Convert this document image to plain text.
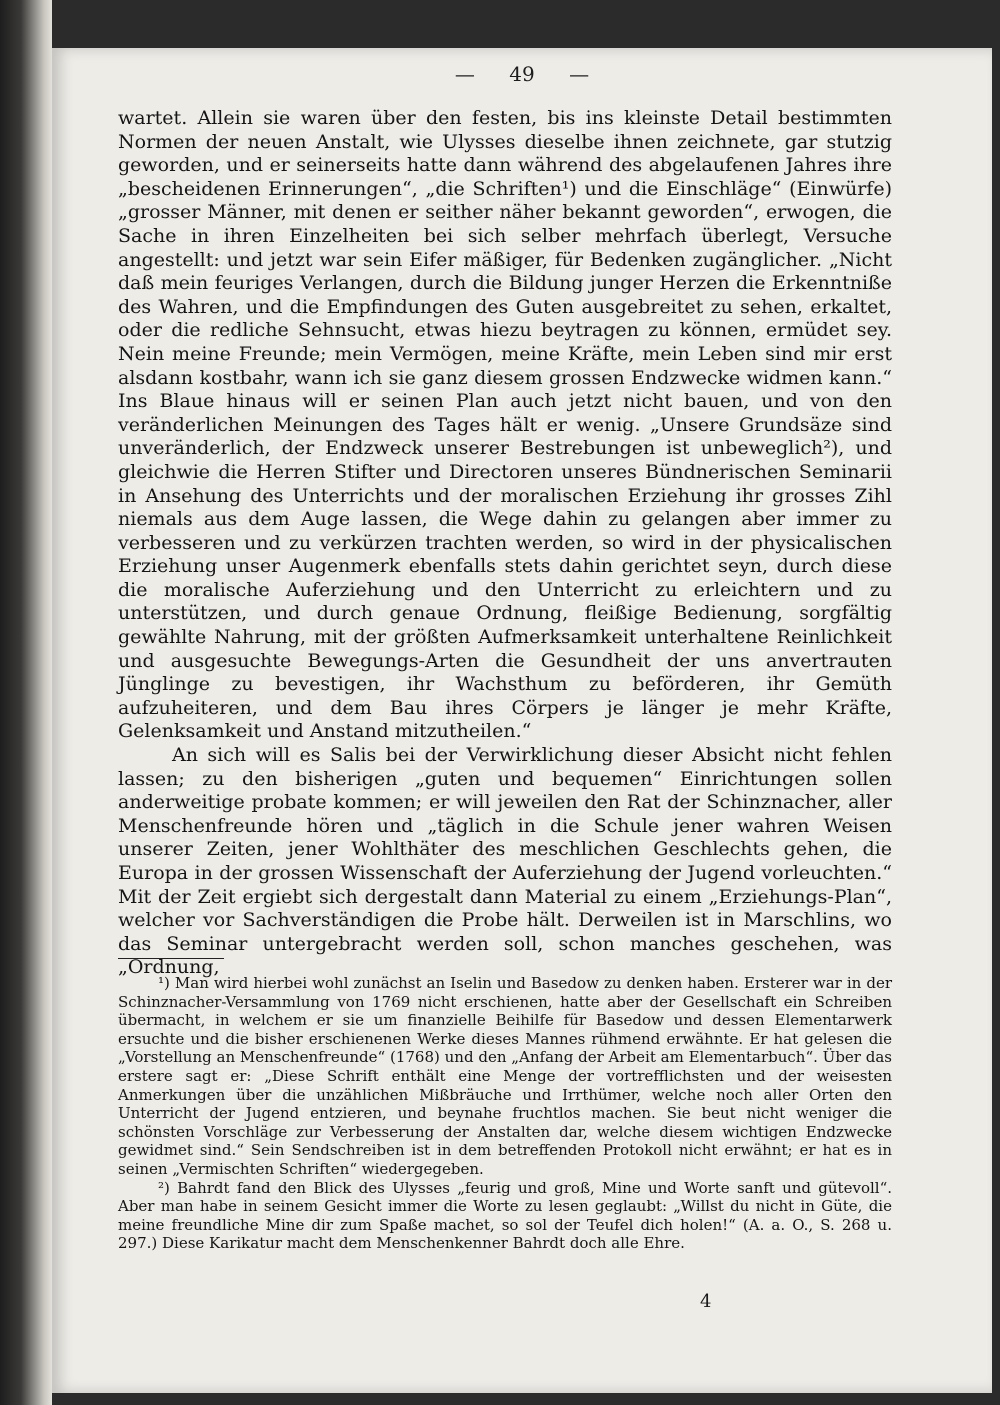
— 49 —

wartet. Allein sie waren über den festen, bis ins kleinste Detail bestimmten Normen der neuen Anstalt, wie Ulysses dieselbe ihnen zeichnete, gar stutzig geworden, und er seinerseits hatte dann während des abgelaufenen Jahres ihre „bescheidenen Erinnerungen“, „die Schriften¹) und die Einschläge“ (Einwürfe) „grosser Männer, mit denen er seither näher bekannt geworden“, erwogen, die Sache in ihren Einzelheiten bei sich selber mehrfach überlegt, Versuche angestellt: und jetzt war sein Eifer mäßiger, für Bedenken zugänglicher. „Nicht daß mein feuriges Verlangen, durch die Bildung junger Herzen die Erkenntniße des Wahren, und die Empfindungen des Guten ausgebreitet zu sehen, erkaltet, oder die redliche Sehnsucht, etwas hiezu beytragen zu können, ermüdet sey. Nein meine Freunde; mein Vermögen, meine Kräfte, mein Leben sind mir erst alsdann kostbahr, wann ich sie ganz diesem grossen Endzwecke widmen kann.“ Ins Blaue hinaus will er seinen Plan auch jetzt nicht bauen, und von den veränderlichen Meinungen des Tages hält er wenig. „Unsere Grundsäze sind unveränderlich, der Endzweck unserer Bestrebungen ist unbeweglich²), und gleichwie die Herren Stifter und Directoren unseres Bündnerischen Seminarii in Ansehung des Unterrichts und der moralischen Erziehung ihr grosses Zihl niemals aus dem Auge lassen, die Wege dahin zu gelangen aber immer zu verbesseren und zu verkürzen trachten werden, so wird in der physicalischen Erziehung unser Augenmerk ebenfalls stets dahin gerichtet seyn, durch diese die moralische Auferziehung und den Unterricht zu erleichtern und zu unterstützen, und durch genaue Ordnung, fleißige Bedienung, sorgfältig gewählte Nahrung, mit der größten Aufmerksamkeit unterhaltene Reinlichkeit und ausgesuchte Bewegungs-Arten die Gesundheit der uns anvertrauten Jünglinge zu bevestigen, ihr Wachsthum zu beförderen, ihr Gemüth aufzuheiteren, und dem Bau ihres Cörpers je länger je mehr Kräfte, Gelenksamkeit und Anstand mitzutheilen.“

An sich will es Salis bei der Verwirklichung dieser Absicht nicht fehlen lassen; zu den bisherigen „guten und bequemen“ Einrichtungen sollen anderweitige probate kommen; er will jeweilen den Rat der Schinznacher, aller Menschenfreunde hören und „täglich in die Schule jener wahren Weisen unserer Zeiten, jener Wohlthäter des meschlichen Geschlechts gehen, die Europa in der grossen Wissenschaft der Auferziehung der Jugend vorleuchten.“ Mit der Zeit ergiebt sich dergestalt dann Material zu einem „Erziehungs-Plan“, welcher vor Sachverständigen die Probe hält. Derweilen ist in Marschlins, wo das Seminar untergebracht werden soll, schon manches geschehen, was „Ordnung,

¹) Man wird hierbei wohl zunächst an Iselin und Basedow zu denken haben. Ersterer war in der Schinznacher-Versammlung von 1769 nicht erschienen, hatte aber der Gesellschaft ein Schreiben übermacht, in welchem er sie um finanzielle Beihilfe für Basedow und dessen Elementarwerk ersuchte und die bisher erschienenen Werke dieses Mannes rühmend erwähnte. Er hat gelesen die „Vorstellung an Menschenfreunde“ (1768) und den „Anfang der Arbeit am Elementarbuch“. Über das erstere sagt er: „Diese Schrift enthält eine Menge der vortrefflichsten und der weisesten Anmerkungen über die unzählichen Mißbräuche und Irrthümer, welche noch aller Orten den Unterricht der Jugend entzieren, und beynahe fruchtlos machen. Sie beut nicht weniger die schönsten Vorschläge zur Verbesserung der Anstalten dar, welche diesem wichtigen Endzwecke gewidmet sind.“ Sein Sendschreiben ist in dem betreffenden Protokoll nicht erwähnt; er hat es in seinen „Vermischten Schriften“ wiedergegeben.

²) Bahrdt fand den Blick des Ulysses „feurig und groß, Mine und Worte sanft und gütevoll“. Aber man habe in seinem Gesicht immer die Worte zu lesen geglaubt: „Willst du nicht in Güte, die meine freundliche Mine dir zum Spaße machet, so sol der Teufel dich holen!“ (A. a. O., S. 268 u. 297.) Diese Karikatur macht dem Menschenkenner Bahrdt doch alle Ehre.

4
